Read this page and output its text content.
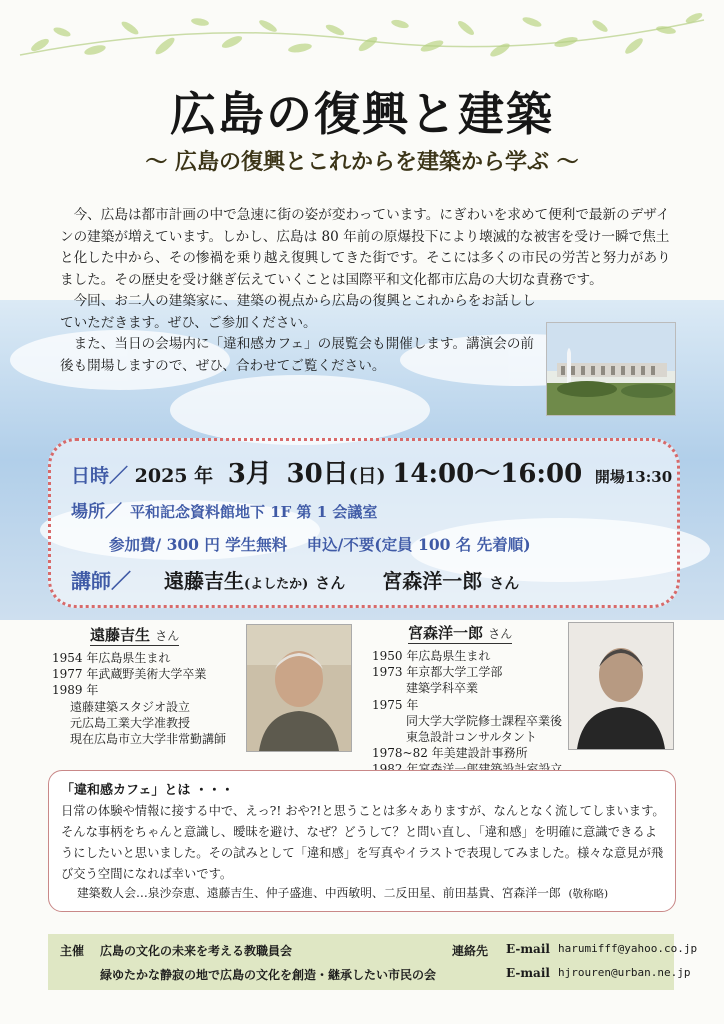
広島の復興と建築
～ 広島の復興とこれからを建築から学ぶ ～

今、広島は都市計画の中で急速に街の姿が変わっています。にぎわいを求めて便利で最新のデザインの建築が増えています。しかし、広島は 80 年前の原爆投下により壊滅的な被害を受け一瞬で焦土と化した中から、その惨禍を乗り越え復興してきた街です。そこには多くの市民の労苦と努力がありました。その歴史を受け継ぎ伝えていくことは国際平和文化都市広島の大切な責務です。

今回、お二人の建築家に、建築の視点から広島の復興とこれからをお話ししていただきます。ぜひ、ご参加ください。

また、当日の会場内に「違和感カフェ」の展覧会も開催します。講演会の前後も開場しますので、ぜひ、合わせてご覧ください。

日時／ 2025 年 3月 30日(日) 14:00～16:00 開場13:30
場所／ 平和記念資料館地下 1F 第 1 会議室
参加費/ 300 円 学生無料 申込/不要(定員 100 名 先着順)
講師／ 遠藤吉生(よしたか) さん 宮森洋一郎 さん
遠藤吉生 さん
1954 年広島県生まれ
1977 年武蔵野美術大学卒業
1989 年
遠藤建築スタジオ設立
元広島工業大学准教授
現在広島市立大学非常勤講師
宮森洋一郎 さん
1950 年広島県生まれ
1973 年京都大学工学部
建築学科卒業
1975 年
同大学大学院修士課程卒業後
東急設計コンサルタント
1978~82 年美建設計事務所
「違和感カフェ」とは ・・・
日常の体験や情報に接する中で、えっ?! おや?!と思うことは多々ありますが、なんとなく流してしまいます。そんな事柄をちゃんと意識し、曖昧を避け、なぜ？どうして？と問い直し、「違和感」を明確に意識できるようにしたいと思いました。その試みとして「違和感」を写真やイラストで表現してみました。様々な意見が飛び交う空間になれば幸いです。
建築数人会…泉沙奈恵、遠藤吉生、仲子盛進、中西敏明、二反田星、前田基貴、宮森洋一郎 (敬称略)
主催 広島の文化の未来を考える教職員会
緑ゆたかな静寂の地で広島の文化を創造・継承したい市民の会
連絡先 E-mail harumifff@yahoo.co.jp
E-mail hjrouren@urban.ne.jp
